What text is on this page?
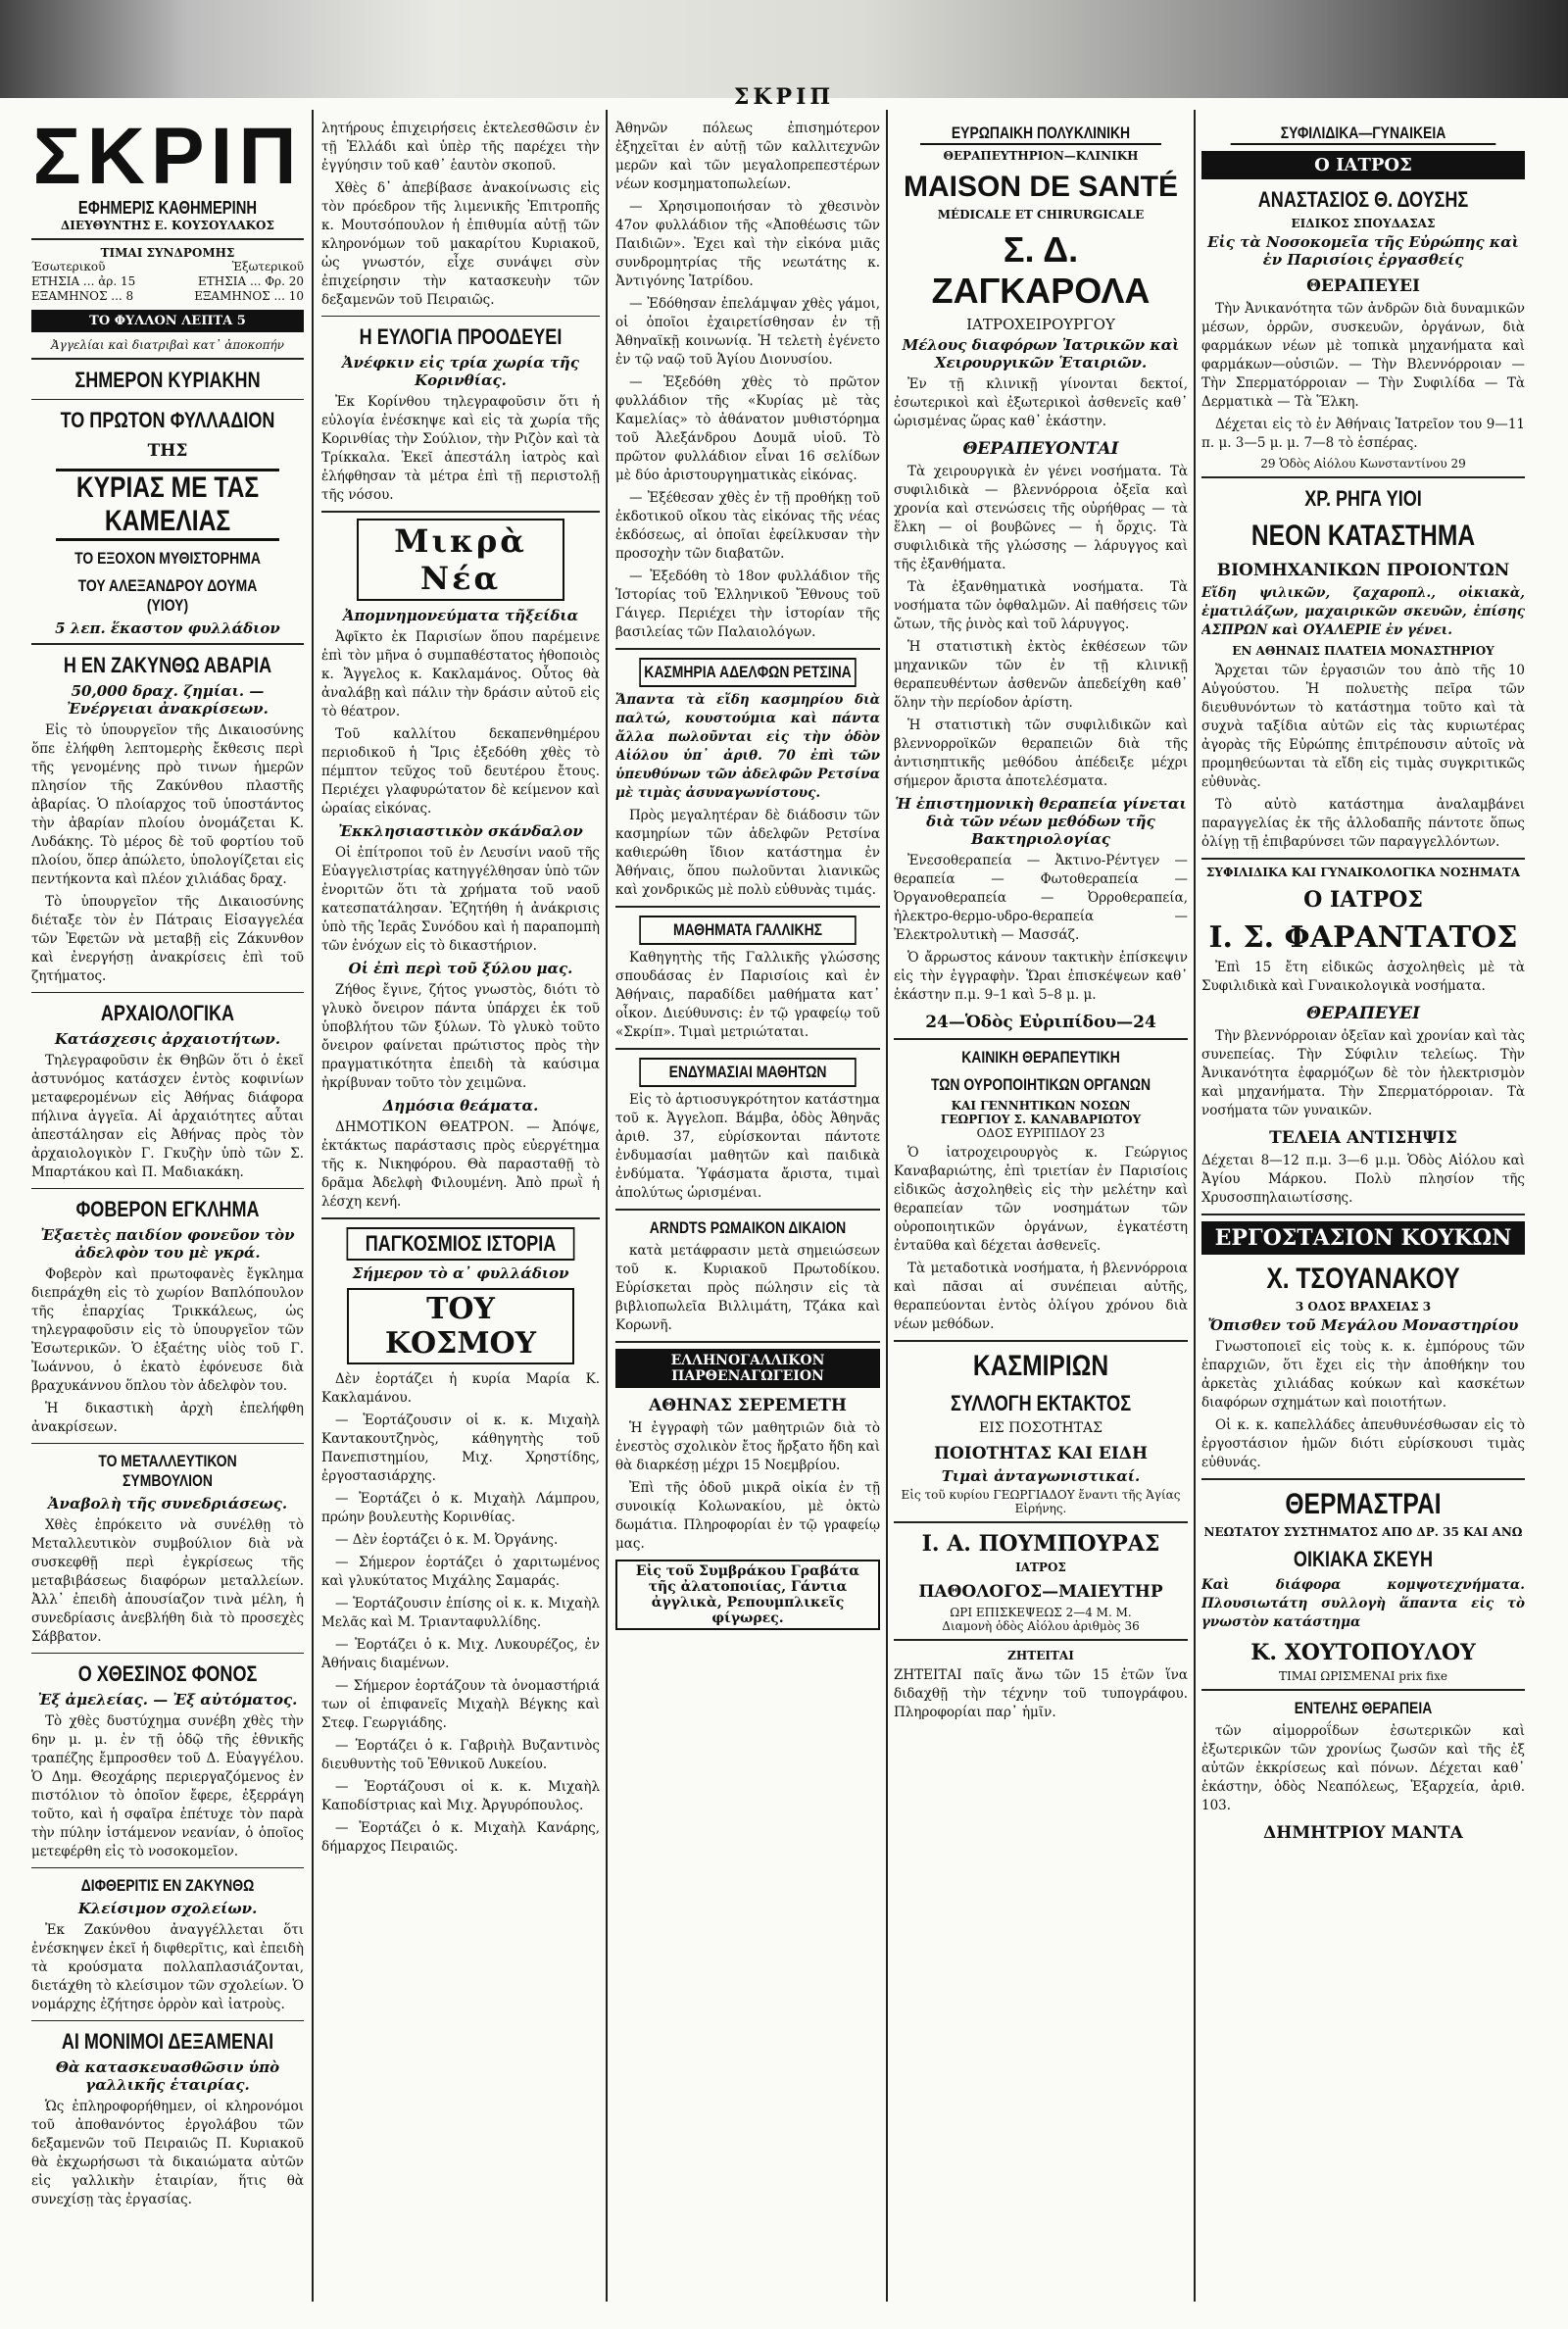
ΣΚΡΙΠ
ΣΚΡΙΠ
ΕΦΗΜΕΡΙΣ ΚΑΘΗΜΕΡΙΝΗ
ΔΙΕΥΘΥΝΤΗΣ Ε. ΚΟΥΣΟΥΛΑΚΟΣ
ΤΙΜΑΙ ΣΥΝΔΡΟΜΗΣ
Έσωτερικοῦ	Ἐξωτερικοῦ
ΕΤΗΣΙΑ ... ἀρ. 15	ΕΤΗΣΙΑ ... Φρ. 20
ΕΞΑΜΗΝΟΣ ... 8	ΕΞΑΜΗΝΟΣ ... 10
ΤΟ ΦΥΛΛΟΝ ΛΕΠΤΑ 5
Ἀγγελίαι καὶ διατριβαὶ κατ᾽ ἀποκοπήν
ΣΗΜΕΡΟΝ ΚΥΡΙΑΚΗΝ
ΤΟ ΠΡΩΤΟΝ ΦΥΛΛΑΔΙΟΝ
ΤΗΣ
ΚΥΡΙΑΣ ΜΕ ΤΑΣ ΚΑΜΕΛΙΑΣ
ΤΟ ΕΞΟΧΟΝ ΜΥΘΙΣΤΟΡΗΜΑ
ΤΟΥ ΑΛΕΞΑΝΔΡΟΥ ΔΟΥΜΑ (ΥΙΟΥ)
5 λεπ. ἕκαστον φυλλάδιον
Η ΕΝ ΖΑΚΥΝΘΩ ΑΒΑΡΙΑ
50,000 δραχ. ζημίαι. — Ἐνέργειαι ἀνακρίσεων.

Εἰς τὸ ὑπουργεῖον τῆς Δικαιοσύνης ὅπε ἐλήφθη λεπτομερὴς ἔκθεσις περὶ τῆς γενομένης πρὸ τινων ἡμερῶν πλησίον τῆς Ζακύνθου πλαστῆς ἀβαρίας. Ὁ πλοίαρχος τοῦ ὑποστάντος τὴν ἀβαρίαν πλοίου ὀνομάζεται Κ. Λυδάκης. Τὸ μέρος δὲ τοῦ φορτίου τοῦ πλοίου, ὅπερ ἀπώλετο, ὑπολογίζεται εἰς πεντήκοντα καὶ πλέον χιλιάδας δραχ.

Τὸ ὑπουργεῖον τῆς Δικαιοσύνης διέταξε τὸν ἐν Πάτραις Εἰσαγγελέα τῶν Ἐφετῶν νὰ μεταβῇ εἰς Ζάκυνθον καὶ ἐνεργήσῃ ἀνακρίσεις ἐπὶ τοῦ ζητήματος.

ΑΡΧΑΙΟΛΟΓΙΚΑ
Κατάσχεσις ἀρχαιοτήτων.

Τηλεγραφοῦσιν ἐκ Θηβῶν ὅτι ὁ ἐκεῖ ἀστυνόμος κατάσχεν ἐντὸς κοφινίων μεταφερομένων εἰς Ἀθήνας διάφορα πήλινα ἀγγεῖα. Αἱ ἀρχαιότητες αὗται ἀπεστάλησαν εἰς Ἀθήνας πρὸς τὸν ἀρχαιολογικὸν Γ. Γκυζὴν ὑπὸ τῶν Σ. Μπαρτάκου καὶ Π. Μαδιακάκη.

ΦΟΒΕΡΟΝ ΕΓΚΛΗΜΑ
Ἐξαετὲς παιδίον φονεῦον τὸν ἀδελφὸν του μὲ γκρά.

Φοβερὸν καὶ πρωτοφανὲς ἔγκλημα διεπράχθη εἰς τὸ χωρίον Βαπλόπουλον τῆς ἐπαρχίας Τρικκάλεως, ὡς τηλεγραφοῦσιν εἰς τὸ ὑπουργεῖον τῶν Ἐσωτερικῶν. Ὁ ἑξαέτης υἱὸς τοῦ Γ. Ἰωάννου, ὁ ἑκατὸ ἐφόνευσε διὰ βραχυκάννου ὅπλου τὸν ἀδελφὸν του.

Ἡ δικαστικὴ ἀρχὴ ἐπελήφθη ἀνακρίσεων.

ΤΟ ΜΕΤΑΛΛΕΥΤΙΚΟΝ ΣΥΜΒΟΥΛΙΟΝ
Ἀναβολὴ τῆς συνεδριάσεως.

Χθὲς ἐπρόκειτο νὰ συνέλθῃ τὸ Μεταλλευτικὸν συμβούλιον διὰ νὰ συσκεφθῇ περὶ ἐγκρίσεως τῆς μεταβιβάσεως διαφόρων μεταλλείων. Ἀλλ᾽ ἐπειδὴ ἀπουσίαζον τινὰ μέλη, ἡ συνεδρίασις ἀνεβλήθη διὰ τὸ προσεχὲς Σάββατον.

Ο ΧΘΕΣΙΝΟΣ ΦΟΝΟΣ
Ἐξ ἀμελείας. — Ἐξ αὐτόματος.

Τὸ χθὲς δυστύχημα συνέβη χθὲς τὴν 6ην μ. μ. ἐν τῇ ὁδῷ τῆς ἐθνικῆς τραπέζης ἔμπροσθεν τοῦ Δ. Εὐαγγέλου. Ὁ Δημ. Θεοχάρης περιεργαζόμενος ἐν πιστόλιον τὸ ὁποῖον ἔφερε, ἐξερράγη τοῦτο, καὶ ἡ σφαῖρα ἐπέτυχε τὸν παρὰ τὴν πύλην ἱστάμενον νεανίαν, ὁ ὁποῖος μετεφέρθη εἰς τὸ νοσοκομεῖον.

ΔΙΦΘΕΡΙΤΙΣ ΕΝ ΖΑΚΥΝΘΩ
Κλείσιμον σχολείων.

Ἐκ Ζακύνθου ἀναγγέλλεται ὅτι ἐνέσκηψεν ἐκεῖ ἡ διφθερῖτις, καὶ ἐπειδὴ τὰ κρούσματα πολλαπλασιάζονται, διετάχθη τὸ κλείσιμον τῶν σχολείων. Ὁ νομάρχης ἐζήτησε ὀρρὸν καὶ ἰατροὺς.

ΑΙ ΜΟΝΙΜΟΙ ΔΕΞΑΜΕΝΑΙ
Θὰ κατασκευασθῶσιν ὑπὸ γαλλικῆς ἑταιρίας.

Ὡς ἐπληροφορήθημεν, οἱ κληρονόμοι τοῦ ἀποθανόντος ἐργολάβου τῶν δεξαμενῶν τοῦ Πειραιῶς Π. Κυριακοῦ θὰ ἐκχωρήσωσι τὰ δικαιώματα αὐτῶν εἰς γαλλικὴν ἑταιρίαν, ἥτις θὰ συνεχίσῃ τὰς ἐργασίας.

λητήρους ἐπιχειρήσεις ἐκτελεσθῶσιν ἐν τῇ Ἑλλάδι καὶ ὑπὲρ τῆς παρέχει τὴν ἐγγύησιν τοῦ καθ᾽ ἑαυτὸν σκοποῦ.

Χθὲς δ᾽ ἀπεβίβασε ἀνακοίνωσις εἰς τὸν πρόεδρον τῆς λιμενικῆς Ἐπιτροπῆς κ. Μουτσόπουλον ἡ ἐπιθυμία αὐτῇ τῶν κληρονόμων τοῦ μακαρίτου Κυριακοῦ, ὡς γνωστόν, εἶχε συνάψει σὺν ἐπιχείρησιν τὴν κατασκευὴν τῶν δεξαμενῶν τοῦ Πειραιῶς.

Η ΕΥΛΟΓΙΑ ΠΡΟΟΔΕΥΕΙ
Ἀνέφκιν εἰς τρία χωρία τῆς Κορινθίας.

Ἐκ Κορίνθου τηλεγραφοῦσιν ὅτι ἡ εὐλογία ἐνέσκηψε καὶ εἰς τὰ χωρία τῆς Κορινθίας τὴν Σούλιον, τὴν Ριζὸν καὶ τὰ Τρίκκαλα. Ἐκεῖ ἀπεστάλη ἰατρὸς καὶ ἐλήφθησαν τὰ μέτρα ἐπὶ τῇ περιστολῇ τῆς νόσου.

Μικρὰ Νέα
Ἀπομνημονεύματα τῆξείδια

Ἀφῖκτο ἐκ Παρισίων ὅπου παρέμεινε ἐπὶ τὸν μῆνα ὁ συμπαθέστατος ἠθοποιὸς κ. Ἄγγελος κ. Κακλαμάνος. Οὗτος θὰ ἀναλάβῃ καὶ πάλιν τὴν δράσιν αὐτοῦ εἰς τὸ θέατρον.

Τοῦ καλλίτου δεκαπενθημέρου περιοδικοῦ ἡ Ἴρις ἐξεδόθη χθὲς τὸ πέμπτον τεῦχος τοῦ δευτέρου ἔτους. Περιέχει γλαφυρώτατον δὲ κείμενον καὶ ὡραίας εἰκόνας.

Ἐκκλησιαστικὸν σκάνδαλον

Οἱ ἐπίτροποι τοῦ ἐν Λευσίνι ναοῦ τῆς Εὐαγγελιστρίας κατηγγέλθησαν ὑπὸ τῶν ἐνοριτῶν ὅτι τὰ χρήματα τοῦ ναοῦ κατεσπατάλησαν. Ἐζητήθη ἡ ἀνάκρισις ὑπὸ τῆς Ἱερᾶς Συνόδου καὶ ἡ παραπομπὴ τῶν ἐνόχων εἰς τὸ δικαστήριον.

Οἱ ἐπὶ περὶ τοῦ ξύλου μας.

Ζήθος ἔγινε, ζήτος γνωστὸς, διότι τὸ γλυκὸ ὄνειρον πάντα ὑπάρχει ἐκ τοῦ ὑποβλήτου τῶν ξύλων. Τὸ γλυκὸ τοῦτο ὄνειρον φαίνεται πρώτιστος πρὸς τὴν πραγματικότητα ἐπειδὴ τὰ καύσιμα ἠκρίβυναν τοῦτο τὸν χειμῶνα.

Δημόσια θεάματα.

ΔΗΜΟΤΙΚΟΝ ΘΕΑΤΡΟΝ. — Ἀπόψε, ἐκτάκτως παράστασις πρὸς εὐεργέτημα τῆς κ. Νικηφόρου. Θὰ παρασταθῇ τὸ δρᾶμα Ἀδελφὴ Φιλουμένη. Ἀπὸ πρωῒ ἡ λέσχη κενή.

ΠΑΓΚΟΣΜΙΟΣ ΙΣΤΟΡΙΑ
Σήμερον τὸ α᾽ φυλλάδιον
ΤΟΥ ΚΟΣΜΟΥ

Δὲν ἑορτάζει ἡ κυρία Μαρία Κ. Κακλαμάνου.

— Ἑορτάζουσιν οἱ κ. κ. Μιχαὴλ Καντακουτζηνὸς, κάθηγητὴς τοῦ Πανεπιστημίου, Μιχ. Χρηστίδης, ἐργοστασιάρχης.

— Ἑορτάζει ὁ κ. Μιχαὴλ Λάμπρου, πρώην βουλευτὴς Κορινθίας.

— Δὲν ἑορτάζει ὁ κ. Μ. Ὀργάνης.

— Σήμερον ἑορτάζει ὁ χαριτωμένος καὶ γλυκύτατος Μιχάλης Σαμαράς.

— Ἑορτάζουσιν ἐπίσης οἱ κ. κ. Μιχαὴλ Μελᾶς καὶ Μ. Τριανταφυλλίδης.

— Ἑορτάζει ὁ κ. Μιχ. Λυκουρέζος, ἐν Ἀθήναις διαμένων.

— Σήμερον ἑορτάζουν τὰ ὀνομαστήριά των οἱ ἐπιφανεῖς Μιχαὴλ Βέγκης καὶ Στεφ. Γεωργιάδης.

— Ἑορτάζει ὁ κ. Γαβριὴλ Βυζαντινὸς διευθυντὴς τοῦ Ἐθνικοῦ Λυκείου.

— Ἑορτάζουσι οἱ κ. κ. Μιχαὴλ Καποδίστριας καὶ Μιχ. Ἀργυρόπουλος.

— Ἑορτάζει ὁ κ. Μιχαὴλ Κανάρης, δήμαρχος Πειραιῶς.

Ἀθηνῶν πόλεως ἐπισημότερον ἐξηχεῖται ἐν αὐτῇ τῶν καλλιτεχνῶν μερῶν καὶ τῶν μεγαλοπρεπεστέρων νέων κοσμηματοπωλείων.

— Χρησιμοποιήσαν τὸ χθεσινὸν 47ον φυλλάδιον τῆς «Ἀποθέωσις τῶν Παιδιῶν». Ἐχει καὶ τὴν εἰκόνα μιᾶς συνδρομητρίας τῆς νεωτάτης κ. Ἀντιγόνης Ἰατρίδου.

— Ἐδόθησαν ἐπελάμψαν χθὲς γάμοι, οἱ ὁποῖοι ἐχαιρετίσθησαν ἐν τῇ Ἀθηναϊκῇ κοινωνίᾳ. Ἡ τελετὴ ἐγένετο ἐν τῷ ναῷ τοῦ Ἁγίου Διονυσίου.

— Ἐξεδόθη χθὲς τὸ πρῶτον φυλλάδιον τῆς «Κυρίας μὲ τὰς Καμελίας» τὸ ἀθάνατον μυθιστόρημα τοῦ Ἀλεξάνδρου Δουμᾶ υἱοῦ. Τὸ πρῶτον φυλλάδιον εἶναι 16 σελίδων μὲ δύο ἀριστουργηματικὰς εἰκόνας.

— Ἐξέθεσαν χθὲς ἐν τῇ προθήκῃ τοῦ ἐκδοτικοῦ οἴκου τὰς εἰκόνας τῆς νέας ἐκδόσεως, αἱ ὁποῖαι ἐφείλκυσαν τὴν προσοχὴν τῶν διαβατῶν.

— Ἐξεδόθη τὸ 18ον φυλλάδιον τῆς Ἱστορίας τοῦ Ἑλληνικοῦ Ἔθνους τοῦ Γάιγερ. Περιέχει τὴν ἱστορίαν τῆς βασιλείας τῶν Παλαιολόγων.

ΚΑΣΜΗΡΙΑ ΑΔΕΛΦΩΝ ΡΕΤΣΙΝΑ

Ἄπαντα τὰ εἴδη κασμηρίου διὰ παλτώ, κουστούμια καὶ πάντα ἄλλα πωλοῦνται εἰς τὴν ὁδὸν Αἰόλου ὑπ᾽ ἀριθ. 70 ἐπὶ τῶν ὑπευθύνων τῶν ἀδελφῶν Ρετσίνα μὲ τιμὰς ἀσυναγωνίστους.

Πρὸς μεγαλητέραν δὲ διάδοσιν τῶν κασμηρίων τῶν ἀδελφῶν Ρετσίνα καθιερώθη ἴδιον κατάστημα ἐν Ἀθήναις, ὅπου πωλοῦνται λιανικῶς καὶ χονδρικῶς μὲ πολὺ εὐθυνὰς τιμάς.

ΜΑΘΗΜΑΤΑ ΓΑΛΛΙΚΗΣ

Καθηγητὴς τῆς Γαλλικῆς γλώσσης σπουδάσας ἐν Παρισίοις καὶ ἐν Ἀθήναις, παραδίδει μαθήματα κατ᾽ οἶκον. Διεύθυνσις: ἐν τῷ γραφείῳ τοῦ «Σκρίπ». Τιμαὶ μετριώταται.

ΕΝΔΥΜΑΣΙΑΙ ΜΑΘΗΤΩΝ

Εἰς τὸ ἀρτιοσυγκρότητον κατάστημα τοῦ κ. Ἀγγελοπ. Βάμβα, ὁδὸς Ἀθηνᾶς ἀριθ. 37, εὑρίσκονται πάντοτε ἐνδυμασίαι μαθητῶν καὶ παιδικὰ ἐνδύματα. Ὑφάσματα ἄριστα, τιμαὶ ἀπολύτως ὡρισμέναι.

ARNDTS ΡΩΜΑΙΚΟΝ ΔΙΚΑΙΟΝ

κατὰ μετάφρασιν μετὰ σημειώσεων τοῦ κ. Κυριακοῦ Πρωτοδίκου. Εὑρίσκεται πρὸς πώλησιν εἰς τὰ βιβλιοπωλεῖα Βιλλιμάτη, Τζάκα καὶ Κορωνῆ.

ΕΛΛΗΝΟΓΑΛΛΙΚΟΝ ΠΑΡΘΕΝΑΓΩΓΕΙΟΝ
ΑΘΗΝΑΣ ΣΕΡΕΜΕΤΗ

Ἡ ἐγγραφὴ τῶν μαθητριῶν διὰ τὸ ἐνεστὸς σχολικὸν ἔτος ἤρξατο ἤδη καὶ θὰ διαρκέσῃ μέχρι 15 Νοεμβρίου.

Ἐπὶ τῆς ὁδοῦ μικρᾶ οἰκία ἐν τῇ συνοικίᾳ Κολωνακίου, μὲ ὀκτὼ δωμάτια. Πληροφορίαι ἐν τῷ γραφείῳ μας.

Εἰς τοῦ Συμβράκου Γραβάτα τῆς ἀλατοποιίας, Γάντια ἀγγλικὰ, Ρεπουμπλικεῖς φίγωρες.
ΕΥΡΩΠΑΙΚΗ ΠΟΛΥΚΛΙΝΙΚΗ
ΘΕΡΑΠΕΥΤΗΡΙΟΝ—ΚΛΙΝΙΚΗ
MAISON DE SANTÉ
MÉDICALE ET CHIRURGICALE
Σ. Δ. ΖΑΓΚΑΡΟΛΑ
ΙΑΤΡΟΧΕΙΡΟΥΡΓΟΥ
Μέλους διαφόρων Ἰατρικῶν καὶ Χειρουργικῶν Ἑταιριῶν.

Ἐν τῇ κλινικῇ γίνονται δεκτοί, ἐσωτερικοὶ καὶ ἐξωτερικοὶ ἀσθενεῖς καθ᾽ ὡρισμένας ὥρας καθ᾽ ἑκάστην.

ΘΕΡΑΠΕΥΟΝΤΑΙ

Τὰ χειρουργικὰ ἐν γένει νοσήματα. Τὰ συφιλιδικὰ — βλεννόρροια ὀξεῖα καὶ χρονία καὶ στενώσεις τῆς οὐρήθρας — τὰ ἕλκη — οἱ βουβῶνες — ἡ ὄρχις. Τὰ συφιλιδικὰ τῆς γλώσσης — λάρυγγος καὶ τῆς ἐξανθήματα.

Τὰ ἐξανθηματικὰ νοσήματα. Τὰ νοσήματα τῶν ὀφθαλμῶν. Αἱ παθήσεις τῶν ὤτων, τῆς ῥινὸς καὶ τοῦ λάρυγγος.

Ἡ στατιστικὴ ἐκτὸς ἐκθέσεων τῶν μηχανικῶν τῶν ἐν τῇ κλινικῇ θεραπευθέντων ἀσθενῶν ἀπεδείχθη καθ᾽ ὅλην τὴν περίοδον ἀρίστη.

Ἡ στατιστικὴ τῶν συφιλιδικῶν καὶ βλεννορροϊκῶν θεραπειῶν διὰ τῆς ἀντισηπτικῆς μεθόδου ἀπέδειξε μέχρι σήμερον ἄριστα ἀποτελέσματα.

Ἡ ἐπιστημονικὴ θεραπεία γίνεται διὰ τῶν νέων μεθόδων τῆς Βακτηριολογίας

Ἐνεσοθεραπεία — Ἀκτινο-Ρέντγεν — θεραπεία — Φωτοθεραπεία — Ὀργανοθεραπεία — Ὀρροθεραπεία, ἠλεκτρο-θερμο-υδρο-θεραπεία — Ἐλεκτρολυτικὴ — Μασσάζ.

Ὁ ἄρρωστος κάνουν τακτικὴν ἐπίσκεψιν εἰς τὴν ἐγγραφὴν. Ὥραι ἐπισκέψεων καθ᾽ ἑκάστην π.μ. 9–1 καὶ 5–8 μ. μ.

24—Ὁδὸς Εὐριπίδου—24
ΚΑΙΝΙΚΗ ΘΕΡΑΠΕΥΤΙΚΗ
ΤΩΝ ΟΥΡΟΠΟΙΗΤΙΚΩΝ ΟΡΓΑΝΩΝ
ΚΑΙ ΓΕΝΝΗΤΙΚΩΝ ΝΟΣΩΝ
ΓΕΩΡΓΙΟΥ Σ. ΚΑΝΑΒΑΡΙΩΤΟΥ
ΟΔΟΣ ΕΥΡΙΠΙΔΟΥ 23

Ὁ ἰατροχειρουργὸς κ. Γεώργιος Καναβαριώτης, ἐπὶ τριετίαν ἐν Παρισίοις εἰδικῶς ἀσχοληθεὶς εἰς τὴν μελέτην καὶ θεραπείαν τῶν νοσημάτων τῶν οὐροποιητικῶν ὀργάνων, ἐγκατέστη ἐνταῦθα καὶ δέχεται ἀσθενεῖς.

Τὰ μεταδοτικὰ νοσήματα, ἡ βλεννόρροια καὶ πᾶσαι αἱ συνέπειαι αὐτῆς, θεραπεύονται ἐντὸς ὀλίγου χρόνου διὰ νέων μεθόδων.

ΚΑΣΜΙΡΙΩΝ
ΣΥΛΛΟΓΗ ΕΚΤΑΚΤΟΣ
ΕΙΣ ΠΟΣΟΤΗΤΑΣ
ΠΟΙΟΤΗΤΑΣ ΚΑΙ ΕΙΔΗ
Τιμαὶ ἀνταγωνιστικαί.
Εἰς τοῦ κυρίου ΓΕΩΡΓΙΑΔΟΥ ἔναντι τῆς Ἁγίας Εἰρήνης.
Ι. Α. ΠΟΥΜΠΟΥΡΑΣ
ΙΑΤΡΟΣ
ΠΑΘΟΛΟΓΟΣ—ΜΑΙΕΥΤΗΡ
ΩΡΙ ΕΠΙΣΚΕΨΕΩΣ 2—4 Μ. Μ.
Διαμονὴ ὁδὸς Αἰόλου ἀριθμὸς 36
ΖΗΤΕΙΤΑΙ

ΖΗΤΕΙΤΑΙ παῖς ἄνω τῶν 15 ἐτῶν ἵνα διδαχθῇ τὴν τέχνην τοῦ τυπογράφου. Πληροφορίαι παρ᾽ ἡμῖν.

ΣΥΦΙΛΙΔΙΚΑ—ΓΥΝΑΙΚΕΙΑ
Ο ΙΑΤΡΟΣ
ΑΝΑΣΤΑΣΙΟΣ Θ. ΔΟΥΣΗΣ
ΕΙΔΙΚΟΣ ΣΠΟΥΔΑΣΑΣ
Εἰς τὰ Νοσοκομεῖα τῆς Εὐρώπης καὶ ἐν Παρισίοις ἐργασθείς
ΘΕΡΑΠΕΥΕΙ

Τὴν Ἀνικανότητα τῶν ἀνδρῶν διὰ δυναμικῶν μέσων, ὀρρῶν, συσκευῶν, ὀργάνων, διὰ φαρμάκων νέων μὲ τοπικὰ μηχανήματα καὶ φαρμάκων—οὐσιῶν. — Τὴν Βλεννόρροιαν — Τὴν Σπερματόρροιαν — Τὴν Συφιλίδα — Τὰ Δερματικὰ — Τὰ Ἕλκη.

Δέχεται εἰς τὸ ἐν Ἀθήναις Ἰατρεῖον του 9—11 π. μ. 3—5 μ. μ. 7—8 τὸ ἑσπέρας.

29 Ὁδὸς Αἰόλου Κωνσταντίνου 29
ΧΡ. ΡΗΓΑ ΥΙΟΙ
ΝΕΟΝ ΚΑΤΑΣΤΗΜΑ
ΒΙΟΜΗΧΑΝΙΚΩΝ ΠΡΟΙΟΝΤΩΝ

Εἴδη ψιλικῶν, ζαχαροπλ., οἰκιακὰ, ἐματιλάζων, μαχαιρικῶν σκευῶν, ἐπίσης ΑΣΠΡΩΝ καὶ ΟΥΑΛΕΡΙΕ ἐν γένει.

ΕΝ ΑΘΗΝΑΙΣ ΠΛΑΤΕΙΑ ΜΟΝΑΣΤΗΡΙΟΥ

Ἄρχεται τῶν ἐργασιῶν του ἀπὸ τῆς 10 Αὐγούστου. Ἡ πολυετὴς πεῖρα τῶν διευθυνόντων τὸ κατάστημα τοῦτο καὶ τὰ συχνὰ ταξίδια αὐτῶν εἰς τὰς κυριωτέρας ἀγορὰς τῆς Εὐρώπης ἐπιτρέπουσιν αὐτοῖς νὰ προμηθεύωνται τὰ εἴδη εἰς τιμὰς συγκριτικῶς εὐθυνὰς.

Τὸ αὐτὸ κατάστημα ἀναλαμβάνει παραγγελίας ἐκ τῆς ἀλλοδαπῆς πάντοτε ὅπως ὀλίγῃ τῇ ἐπιβαρύνσει τῶν παραγγελλόντων.

ΣΥΦΙΛΙΔΙΚΑ ΚΑΙ ΓΥΝΑΙΚΟΛΟΓΙΚΑ ΝΟΣΗΜΑΤΑ
Ο ΙΑΤΡΟΣ
Ι. Σ. ΦΑΡΑΝΤΑΤΟΣ

Ἐπὶ 15 ἔτη εἰδικῶς ἀσχοληθεὶς μὲ τὰ Συφιλιδικὰ καὶ Γυναικολογικὰ νοσήματα.

ΘΕΡΑΠΕΥΕΙ

Τὴν βλεννόρροιαν ὀξεῖαν καὶ χρονίαν καὶ τὰς συνεπείας. Τὴν Σύφιλιν τελείως. Τὴν Ἀνικανότητα ἐφαρμόζων δὲ τὸν ἠλεκτρισμὸν καὶ μηχανήματα. Τὴν Σπερματόρροιαν. Τὰ νοσήματα τῶν γυναικῶν.

ΤΕΛΕΙΑ ΑΝΤΙΣΗΨΙΣ

Δέχεται 8—12 π.μ. 3—6 μ.μ. Ὁδὸς Αἰόλου καὶ Ἀγίου Μάρκου. Πολὺ πλησίον τῆς Χρυσοσπηλαιωτίσσης.

ΕΡΓΟΣΤΑΣΙΟΝ ΚΟΥΚΩΝ
Χ. ΤΣΟΥΑΝΑΚΟΥ
3 ΟΔΟΣ ΒΡΑΧΕΙΑΣ 3
Ὄπισθεν τοῦ Μεγάλου Μοναστηρίου

Γνωστοποιεῖ εἰς τοὺς κ. κ. ἐμπόρους τῶν ἐπαρχιῶν, ὅτι ἔχει εἰς τὴν ἀποθήκην του ἀρκετὰς χιλιάδας κούκων καὶ κασκέτων διαφόρων σχημάτων καὶ ποιοτήτων.

Οἱ κ. κ. καπελλάδες ἀπευθυνέσθωσαν εἰς τὸ ἐργοστάσιον ἡμῶν διότι εὑρίσκουσι τιμὰς εὐθυνάς.

ΘΕΡΜΑΣΤΡΑΙ
ΝΕΩΤΑΤΟΥ ΣΥΣΤΗΜΑΤΟΣ ΑΠΟ ΔΡ. 35 ΚΑΙ ΑΝΩ
ΟΙΚΙΑΚΑ ΣΚΕΥΗ

Καὶ διάφορα κομψοτεχνήματα. Πλουσιωτάτη συλλογὴ ἅπαντα εἰς τὸ γνωστὸν κατάστημα

Κ. ΧΟΥΤΟΠΟΥΛΟΥ
ΤΙΜΑΙ ΩΡΙΣΜΕΝΑΙ prix fixe
ΕΝΤΕΛΗΣ ΘΕΡΑΠΕΙΑ

τῶν αἱμορροΐδων ἐσωτερικῶν καὶ ἐξωτερικῶν τῶν χρονίως ζωσῶν καὶ τῆς ἐξ αὐτῶν ἐκκρίσεως καὶ πόνων. Δέχεται καθ᾽ ἑκάστην, ὁδὸς Νεαπόλεως, Ἐξαρχεία, ἀριθ. 103.

ΔΗΜΗΤΡΙΟΥ ΜΑΝΤΑ
